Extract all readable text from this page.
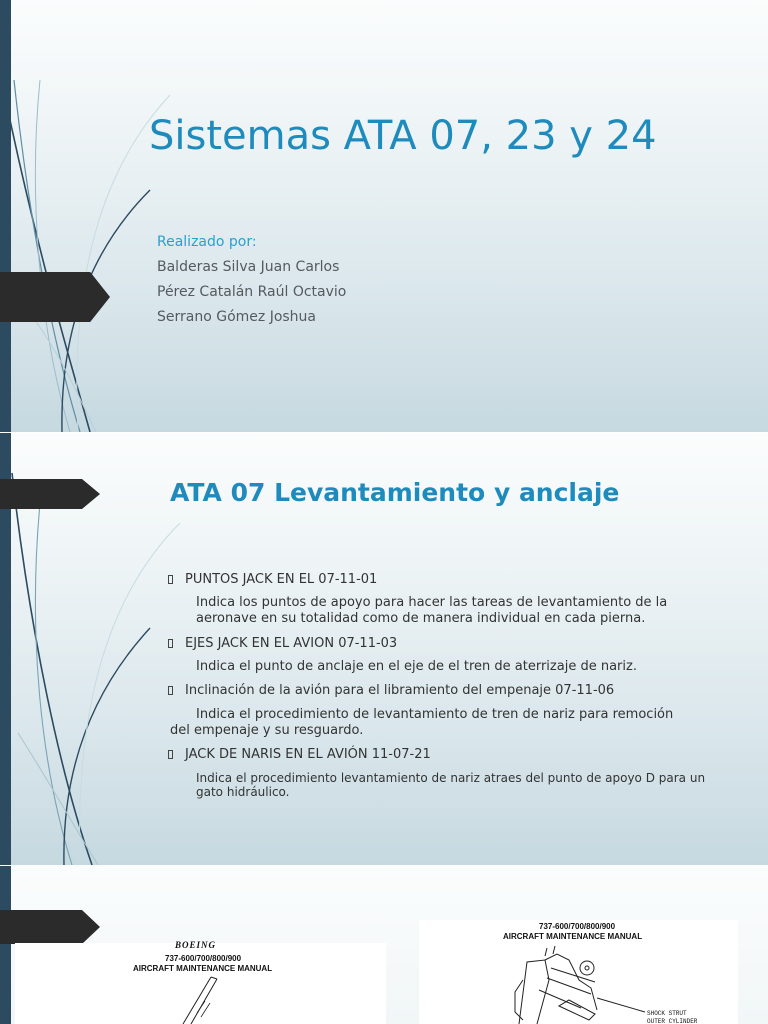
Sistemas ATA 07, 23 y 24
Realizado por:
Balderas Silva Juan Carlos
Pérez Catalán Raúl Octavio
Serrano Gómez Joshua
ATA 07 Levantamiento y anclaje
PUNTOS JACK EN EL 07-11-01
Indica los puntos de apoyo para hacer las tareas de levantamiento de la aeronave en su totalidad como de manera individual en cada pierna.
EJES JACK EN EL AVION 07-11-03
Indica el punto de anclaje en el eje de el tren de aterrizaje de nariz.
Inclinación de la avión para el libramiento del empenaje 07-11-06
Indica el procedimiento de levantamiento de tren de nariz para remoción
del empenaje y su resguardo.
JACK DE NARIS EN EL AVIÓN 11-07-21
Indica el procedimiento levantamiento de nariz atraes del punto de apoyo D para un gato hidráulico.
BOEING
737-600/700/800/900
AIRCRAFT MAINTENANCE MANUAL
737-600/700/800/900
AIRCRAFT MAINTENANCE MANUAL
SHOCK STRUT
OUTER CYLINDER
